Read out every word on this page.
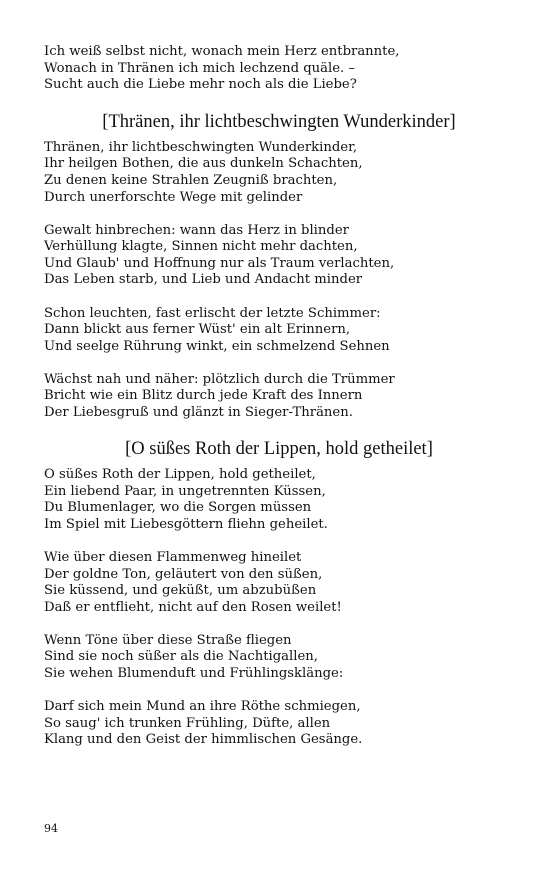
Ich weiß selbst nicht, wonach mein Herz entbrannte,
Wonach in Thränen ich mich lechzend quäle. –
Sucht auch die Liebe mehr noch als die Liebe?
[Thränen, ihr lichtbeschwingten Wunderkinder]
Thränen, ihr lichtbeschwingten Wunderkinder,
Ihr heilgen Bothen, die aus dunkeln Schachten,
Zu denen keine Strahlen Zeugniß brachten,
Durch unerforschte Wege mit gelinder
Gewalt hinbrechen: wann das Herz in blinder
Verhüllung klagte, Sinnen nicht mehr dachten,
Und Glaub' und Hoffnung nur als Traum verlachten,
Das Leben starb, und Lieb und Andacht minder
Schon leuchten, fast erlischt der letzte Schimmer:
Dann blickt aus ferner Wüst' ein alt Erinnern,
Und seelge Rührung winkt, ein schmelzend Sehnen
Wächst nah und näher: plötzlich durch die Trümmer
Bricht wie ein Blitz durch jede Kraft des Innern
Der Liebesgruß und glänzt in Sieger-Thränen.
[O süßes Roth der Lippen, hold getheilet]
O süßes Roth der Lippen, hold getheilet,
Ein liebend Paar, in ungetrennten Küssen,
Du Blumenlager, wo die Sorgen müssen
Im Spiel mit Liebesgöttern fliehn geheilet.
Wie über diesen Flammenweg hineilet
Der goldne Ton, geläutert von den süßen,
Sie küssend, und geküßt, um abzubüßen
Daß er entflieht, nicht auf den Rosen weilet!
Wenn Töne über diese Straße fliegen
Sind sie noch süßer als die Nachtigallen,
Sie wehen Blumenduft und Frühlingsklänge:
Darf sich mein Mund an ihre Röthe schmiegen,
So saug' ich trunken Frühling, Düfte, allen
Klang und den Geist der himmlischen Gesänge.
94
